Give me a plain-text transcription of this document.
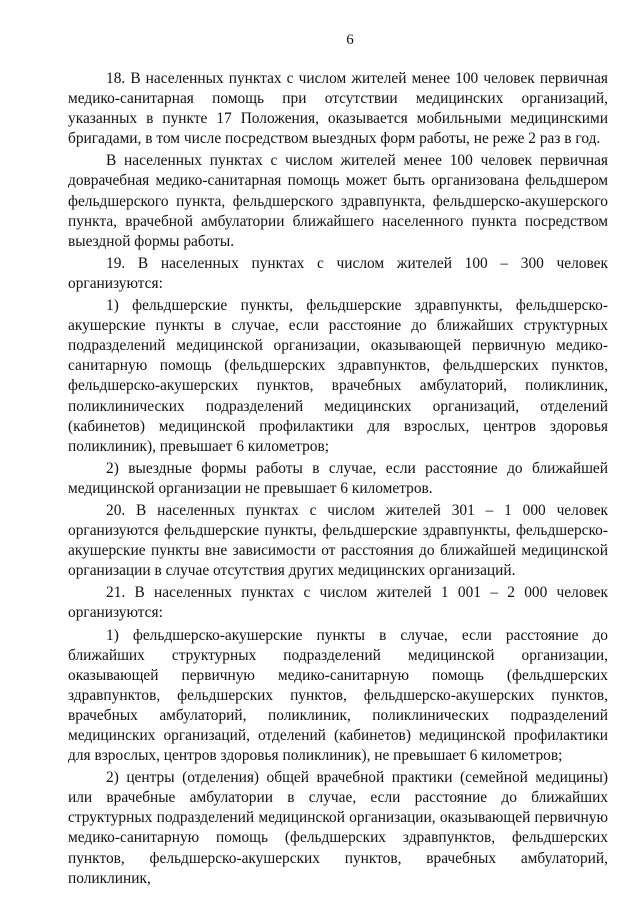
6

18. В населенных пунктах с числом жителей менее 100 человек первичная медико-санитарная помощь при отсутствии медицинских организаций, указанных в пункте 17 Положения, оказывается мобильными медицинскими бригадами, в том числе посредством выездных форм работы, не реже 2 раз в год.

В населенных пунктах с числом жителей менее 100 человек первичная доврачебная медико-санитарная помощь может быть организована фельдшером фельдшерского пункта, фельдшерского здравпункта, фельдшерско-акушерского пункта, врачебной амбулатории ближайшего населенного пункта посредством выездной формы работы.

19. В населенных пунктах с числом жителей 100 – 300 человек организуются:

1) фельдшерские пункты, фельдшерские здравпункты, фельдшерско-акушерские пункты в случае, если расстояние до ближайших структурных подразделений медицинской организации, оказывающей первичную медико-санитарную помощь (фельдшерских здравпунктов, фельдшерских пунктов, фельдшерско-акушерских пунктов, врачебных амбулаторий, поликлиник, поликлинических подразделений медицинских организаций, отделений (кабинетов) медицинской профилактики для взрослых, центров здоровья поликлиник), превышает 6 километров;

2) выездные формы работы в случае, если расстояние до ближайшей медицинской организации не превышает 6 километров.

20. В населенных пунктах с числом жителей 301 – 1 000 человек организуются фельдшерские пункты, фельдшерские здравпункты, фельдшерско-акушерские пункты вне зависимости от расстояния до ближайшей медицинской организации в случае отсутствия других медицинских организаций.

21. В населенных пунктах с числом жителей 1 001 – 2 000 человек организуются:

1) фельдшерско-акушерские пункты в случае, если расстояние до ближайших структурных подразделений медицинской организации, оказывающей первичную медико-санитарную помощь (фельдшерских здравпунктов, фельдшерских пунктов, фельдшерско-акушерских пунктов, врачебных амбулаторий, поликлиник, поликлинических подразделений медицинских организаций, отделений (кабинетов) медицинской профилактики для взрослых, центров здоровья поликлиник), не превышает 6 километров;

2) центры (отделения) общей врачебной практики (семейной медицины) или врачебные амбулатории в случае, если расстояние до ближайших структурных подразделений медицинской организации, оказывающей первичную медико-санитарную помощь (фельдшерских здравпунктов, фельдшерских пунктов, фельдшерско-акушерских пунктов, врачебных амбулаторий, поликлиник,
